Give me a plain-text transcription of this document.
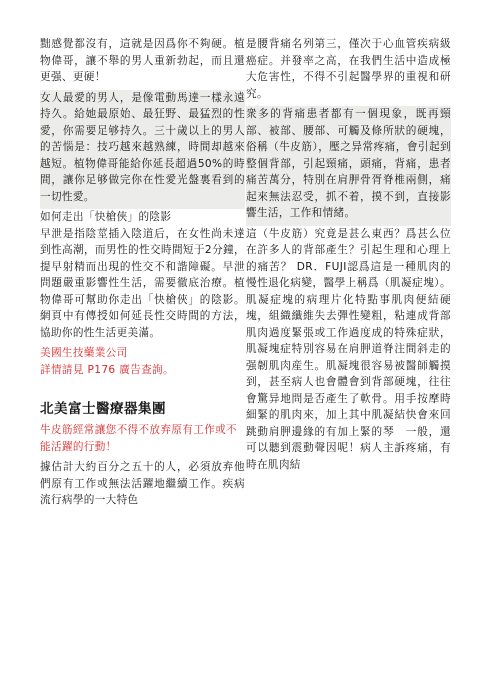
黜感覺都沒有，這就是因爲你不夠硬。植物偉哥，讓不舉的男人重新勃起，而且還更强、更硬！
女人最愛的男人，是像電動馬達一樣永遠持久。給她最原始、最狂野、最猛烈的性愛，你需要足够持久。三十歲以上的男人的苦惱是：技巧越來越熟練，時間却越來越短。植物偉哥能給你延長超過50%的時間，讓你足够做完你在性愛光盤裏看到的一切性愛。
如何走出「快槍俠」的陰影
早泄是指陰莖插入陰道后，在女性尚未達到性高潮，而男性的性交時間短于2分鐘，提早射精而出現的性交不和諧障礙。早泄問題嚴重影響性生活，需要徹底治療。植物偉哥可幫助你走出「快槍俠」的陰影。網頁中有傳授如何延長性交時間的方法，協助你的性生活更美滿。
美國生技藥業公司
詳情請見 P176 廣告查詢。
北美富士醫療器集團
牛皮筋經常讓您不得不放弃原有工作或不能活躍的行動！
據估計大約百分之五十的人，必須放弃他們原有工作或無法活躍地繼續工作。疾病流行病學的一大特色
是腰背痛名列第三，僅次于心血管疾病級癌症。并發率之高，在我們生活中造成極大危害性，不得不引起醫學界的重視和研究。
衆多的背痛患者都有一個現象，既再頸部、被部、腰部、可觸及條所狀的硬塊，俗稱（牛皮筋），壓之异常疼痛，會引起到整個背部，引起頸痛，頭痛，背痛，患者痛苦萬分，特別在肩胛骨胥脊椎兩側，痛起來無法忍受，抓不着，摸不到，直接影響生活，工作和情緒。
這（牛皮筋）究竟是甚么東西？爲甚么位在許多人的背部產生？引起生理和心理上的痛苦？ DR．FUJI認爲這是一種肌肉的慢性退化病變，醫學上稱爲（肌凝症塊）。肌凝症塊的病理片化特點事肌肉便結硬塊，組織纖維失去彈性變粗，粘連成背部肌肉過度緊張或工作過度成的特殊症狀，肌凝塊症特別容易在肩胛道脊注間斜走的强韌肌肉産生。肌凝塊很容易被醫師觸摸到，甚至病人也會體會到背部硬塊，往往會驚异地問是否產生了軟骨。用手按摩時細緊的肌肉來，加上其中肌凝結快會來回跳動肩胛邊緣的有加上緊的琴　一般，還可以聽到震動聲因呢！病人主訴疼痛，有時在肌肉結
